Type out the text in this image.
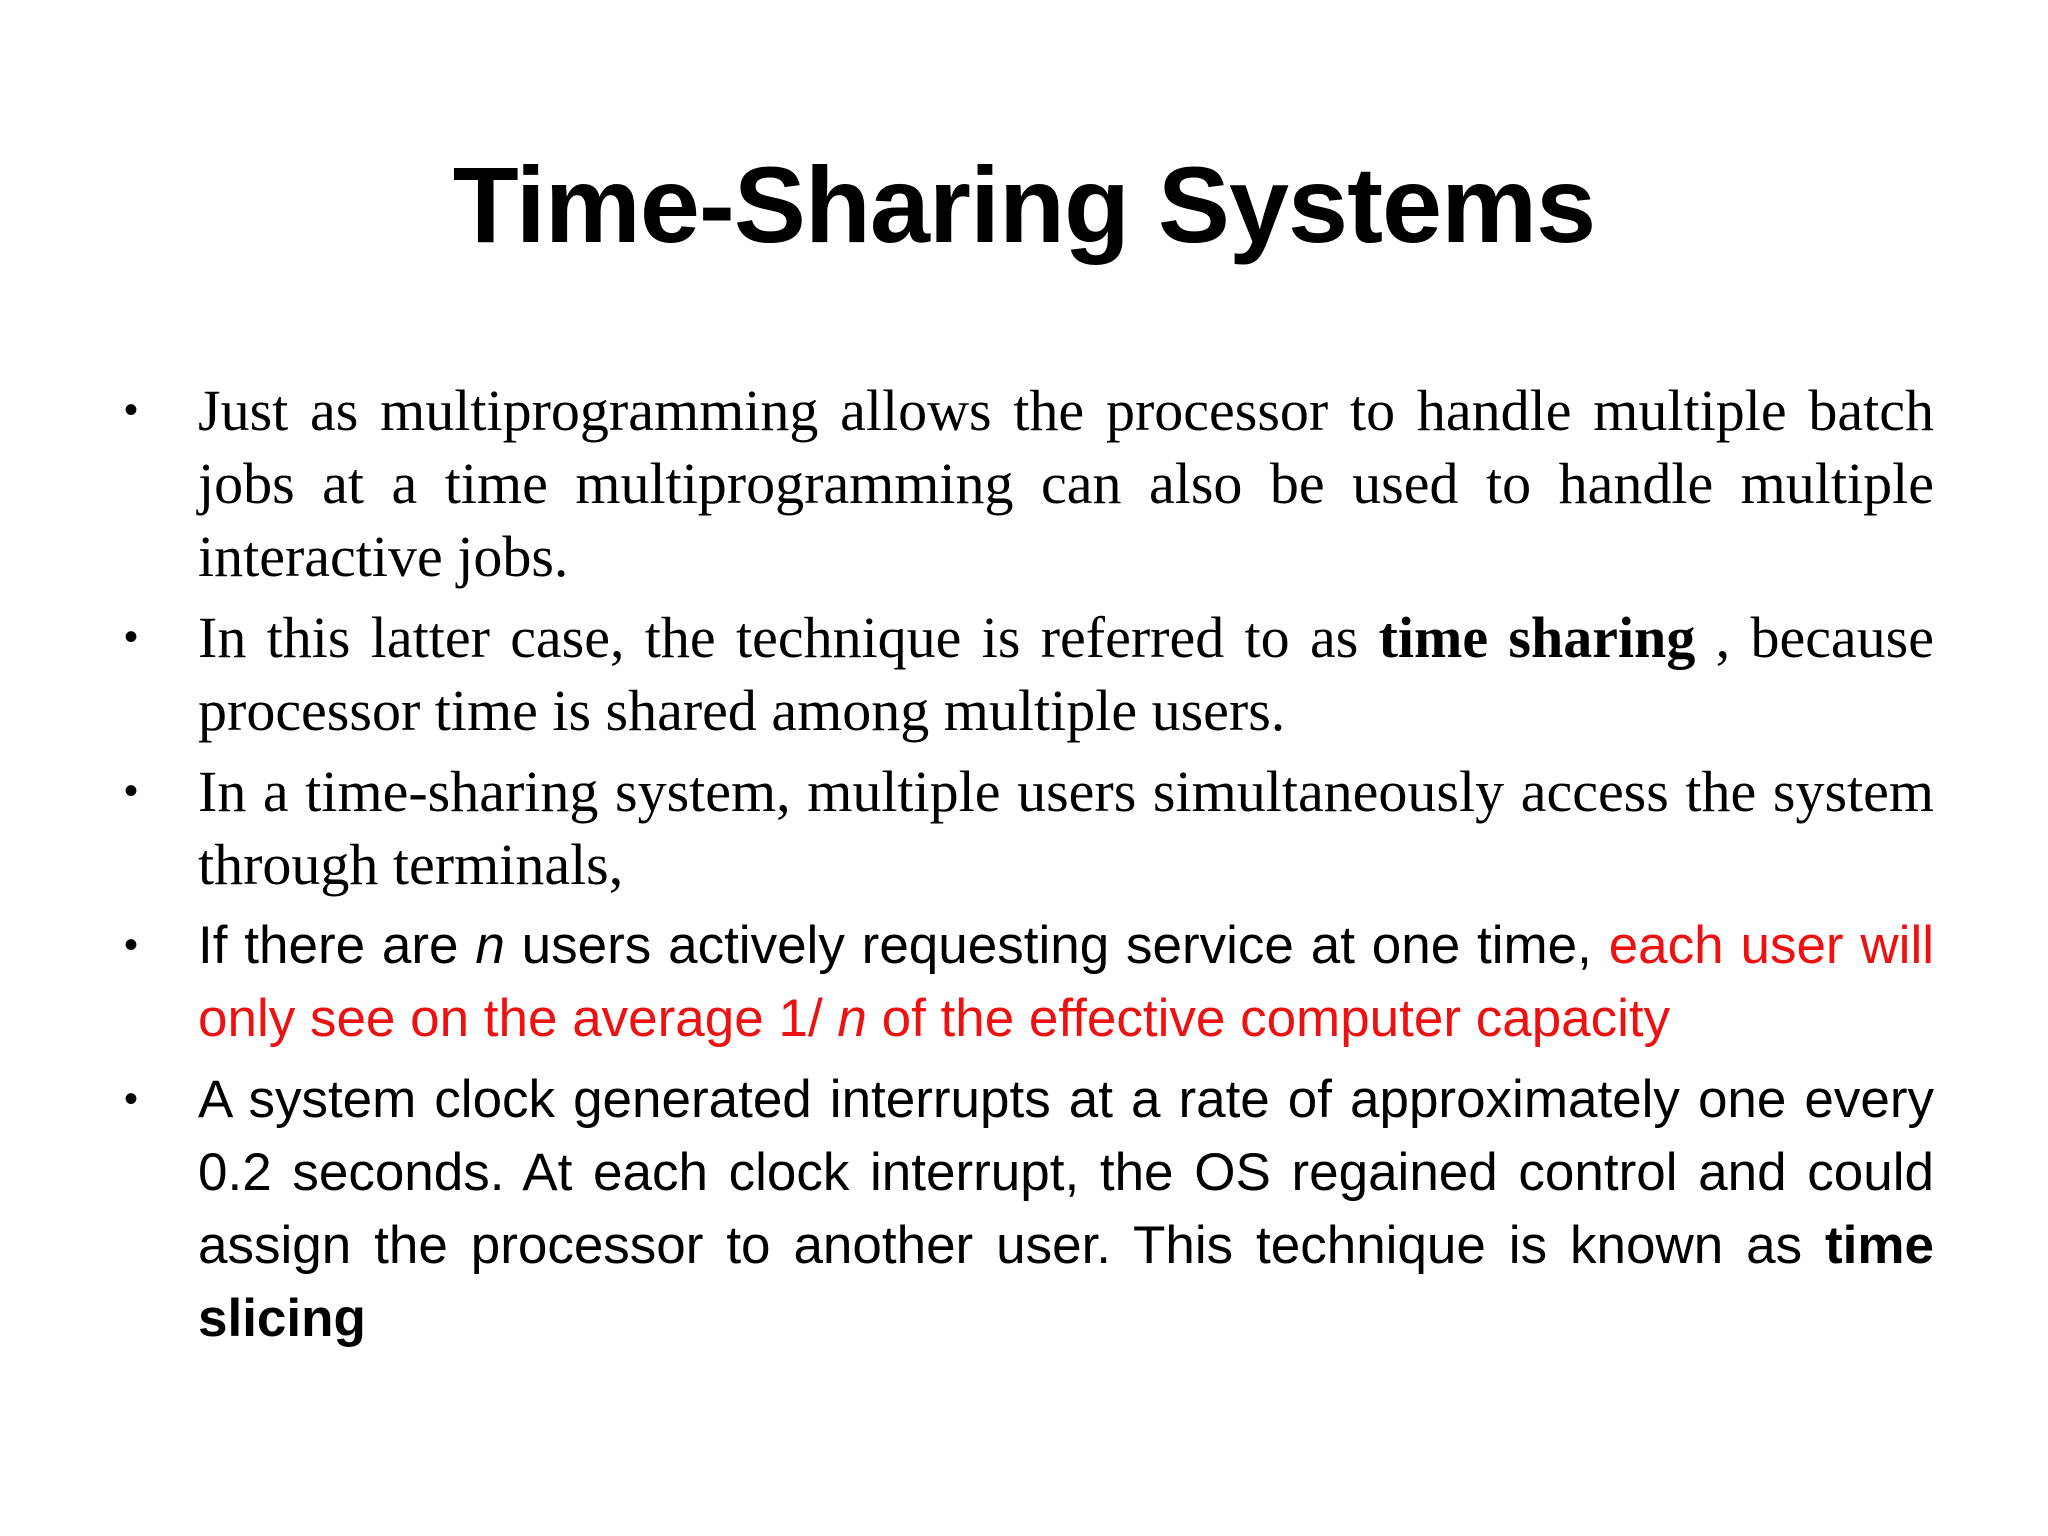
Time-Sharing Systems
• Just as multiprogramming allows the processor to handle multiple batch jobs at a time multiprogramming can also be used to handle multiple interactive jobs.
• In this latter case, the technique is referred to as time sharing , because processor time is shared among multiple users.
• In a time-sharing system, multiple users simultaneously access the system through terminals,
• If there are n users actively requesting service at one time, each user will only see on the average 1/ n of the effective computer capacity
• A system clock generated interrupts at a rate of approximately one every 0.2 seconds. At each clock interrupt, the OS regained control and could assign the processor to another user. This technique is known as time slicing
